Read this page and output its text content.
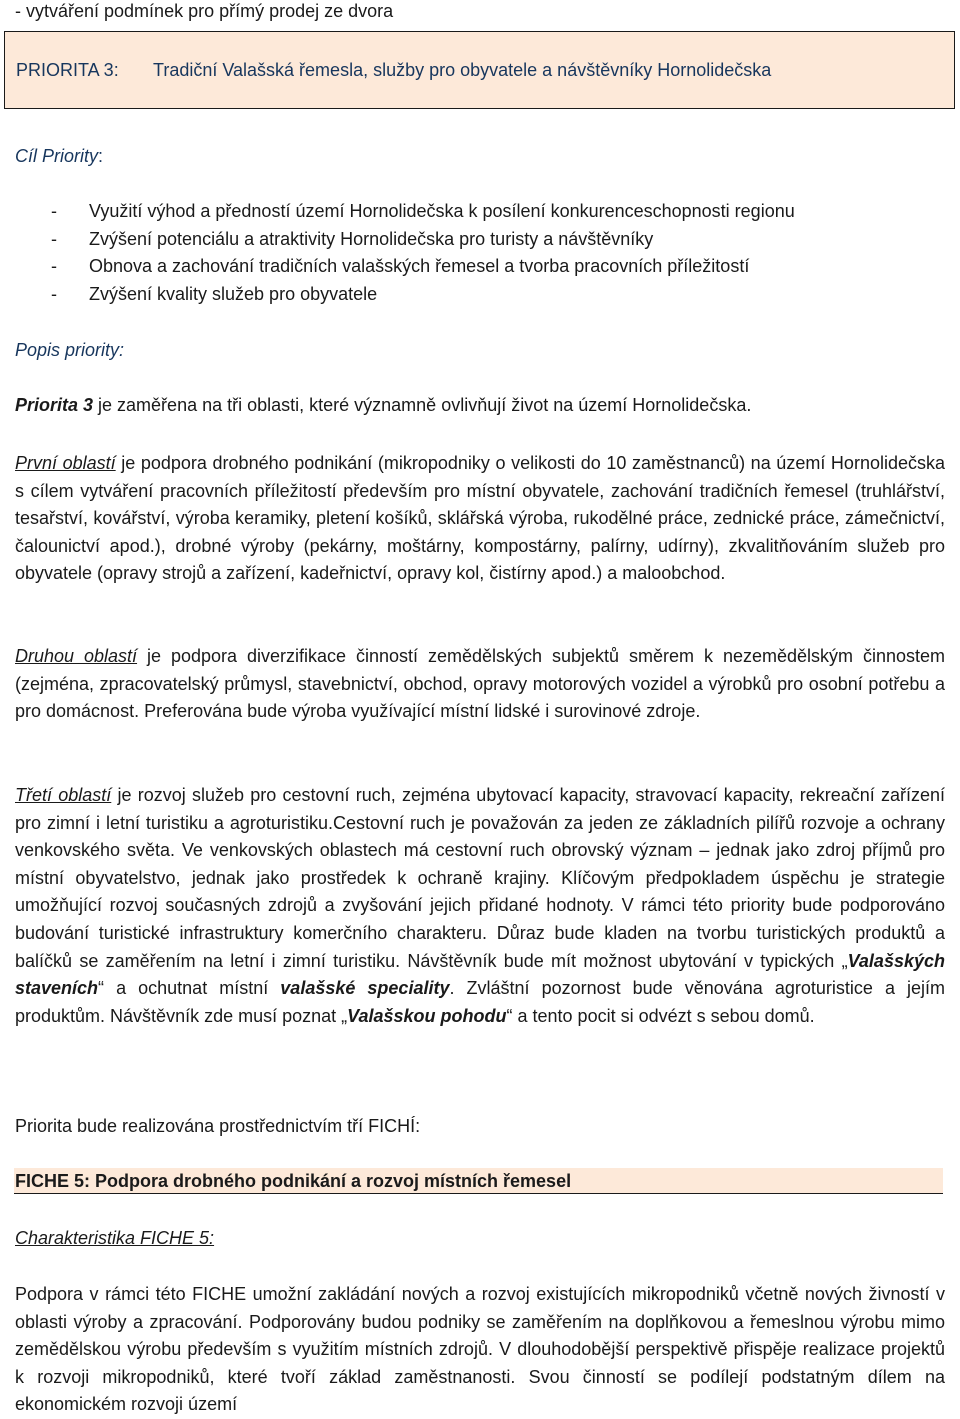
- vytváření podmínek pro přímý prodej ze dvora

PRIORITA 3: Tradiční Valašská řemesla, služby pro obyvatele a návštěvníky Hornolidečska

Cíl Priority:

- Využití výhod a předností území Hornolidečska k posílení konkurenceschopnosti regionu
- Zvýšení potenciálu a atraktivity Hornolidečska pro turisty a návštěvníky
- Obnova a zachování tradičních valašských řemesel a tvorba pracovních příležitostí
- Zvýšení kvality služeb pro obyvatele

Popis priority:

Priorita 3 je zaměřena na tři oblasti, které významně ovlivňují život na území Hornolidečska.

První oblastí je podpora drobného podnikání (mikropodniky o velikosti do 10 zaměstnanců) na území Hornolidečska s cílem vytváření pracovních příležitostí především pro místní obyvatele, zachování tradičních řemesel (truhlářství, tesařství, kovářství, výroba keramiky, pletení košíků, sklářská výroba, rukodělné práce, zednické práce, zámečnictví, čalounictví apod.), drobné výroby (pekárny, moštárny, kompostárny, palírny, udírny), zkvalitňováním služeb pro obyvatele (opravy strojů a zařízení, kadeřnictví, opravy kol, čistírny apod.) a maloobchod.

Druhou oblastí je podpora diverzifikace činností zemědělských subjektů směrem k nezemědělským činnostem (zejména, zpracovatelský průmysl, stavebnictví, obchod, opravy motorových vozidel a výrobků pro osobní potřebu a pro domácnost. Preferována bude výroba využívající místní lidské i surovinové zdroje.

Třetí oblastí je rozvoj služeb pro cestovní ruch, zejména ubytovací kapacity, stravovací kapacity, rekreační zařízení pro zimní i letní turistiku a agroturistiku.Cestovní ruch je považován za jeden ze základních pilířů rozvoje a ochrany venkovského světa. Ve venkovských oblastech má cestovní ruch obrovský význam – jednak jako zdroj příjmů pro místní obyvatelstvo, jednak jako prostředek k ochraně krajiny. Klíčovým předpokladem úspěchu je strategie umožňující rozvoj současných zdrojů a zvyšování jejich přidané hodnoty. V rámci této priority bude podporováno budování turistické infrastruktury komerčního charakteru. Důraz bude kladen na tvorbu turistických produktů a balíčků se zaměřením na letní i zimní turistiku. Návštěvník bude mít možnost ubytování v typických „Valašských staveních“ a ochutnat místní valašské speciality. Zvláštní pozornost bude věnována agroturistice a jejím produktům. Návštěvník zde musí poznat „Valašskou pohodu“ a tento pocit si odvézt s sebou domů.

Priorita bude realizována prostřednictvím tří FICHÍ:

FICHE 5: Podpora drobného podnikání a rozvoj místních řemesel

Charakteristika FICHE 5:

Podpora v rámci této FICHE umožní zakládání nových a rozvoj existujících mikropodniků včetně nových živností v oblasti výroby a zpracování. Podporovány budou podniky se zaměřením na doplňkovou a řemeslnou výrobu mimo zemědělskou výrobu především s využitím místních zdrojů. V dlouhodobější perspektivě přispěje realizace projektů k rozvoji mikropodniků, které tvoří základ zaměstnanosti. Svou činností se podílejí podstatným dílem na ekonomickém rozvoji území
